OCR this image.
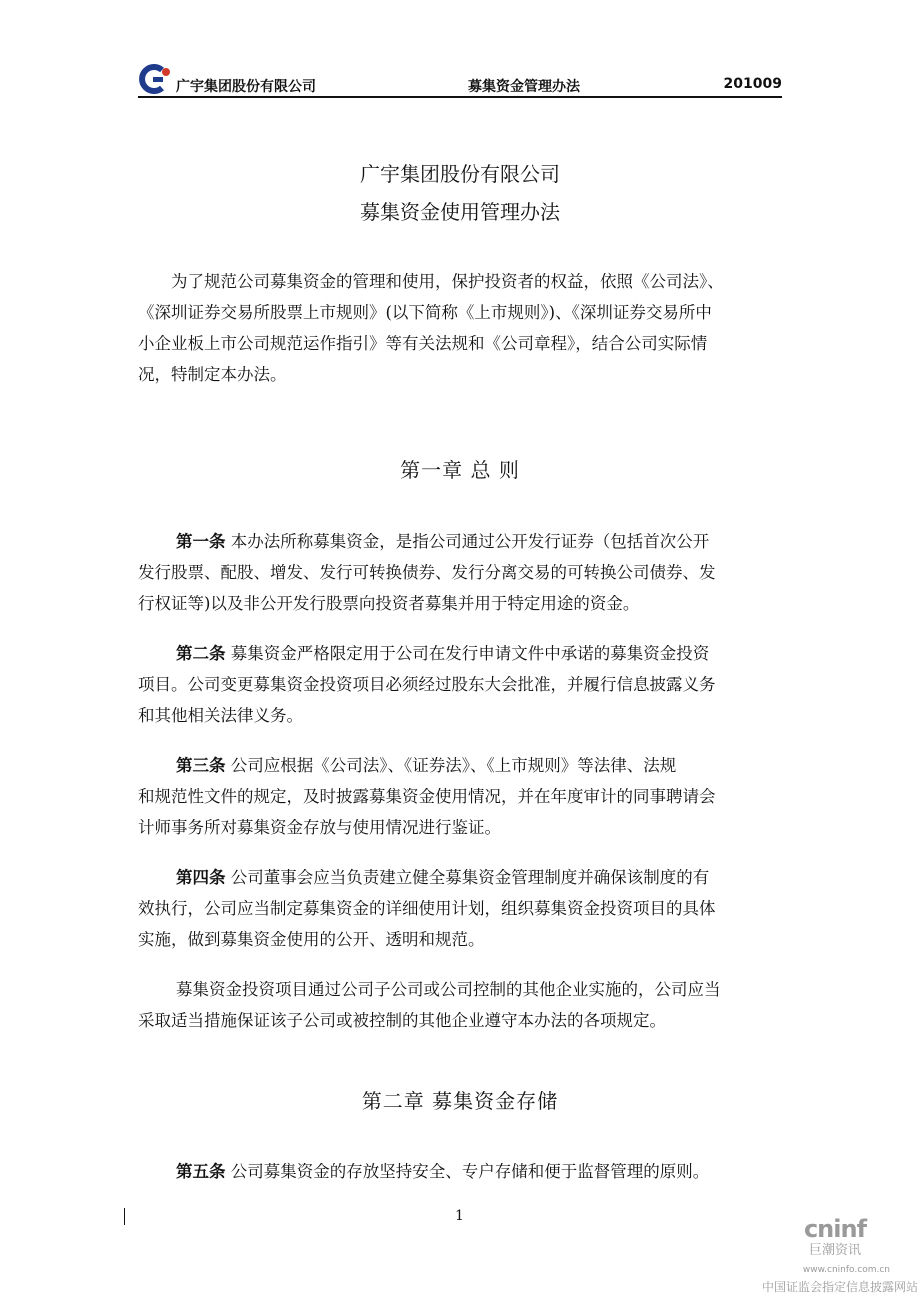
广宇集团股份有限公司	募集资金管理办法	201009
广宇集团股份有限公司
募集资金使用管理办法

为了规范公司募集资金的管理和使用，保护投资者的权益，依照《公司法》、
《深圳证券交易所股票上市规则》(以下简称《上市规则》)、《深圳证券交易所中
小企业板上市公司规范运作指引》等有关法规和《公司章程》，结合公司实际情
况，特制定本办法。

第一章 总 则

第一条 本办法所称募集资金，是指公司通过公开发行证券（包括首次公开
发行股票、配股、增发、发行可转换债券、发行分离交易的可转换公司债券、发
行权证等)以及非公开发行股票向投资者募集并用于特定用途的资金。

第二条 募集资金严格限定用于公司在发行申请文件中承诺的募集资金投资
项目。公司变更募集资金投资项目必须经过股东大会批准，并履行信息披露义务
和其他相关法律义务。

第三条 公司应根据《公司法》、《证券法》、《上市规则》等法律、法规
和规范性文件的规定，及时披露募集资金使用情况，并在年度审计的同事聘请会
计师事务所对募集资金存放与使用情况进行鉴证。

第四条 公司董事会应当负责建立健全募集资金管理制度并确保该制度的有
效执行，公司应当制定募集资金的详细使用计划，组织募集资金投资项目的具体
实施，做到募集资金使用的公开、透明和规范。

募集资金投资项目通过公司子公司或公司控制的其他企业实施的，公司应当
采取适当措施保证该子公司或被控制的其他企业遵守本办法的各项规定。

第二章 募集资金存储

第五条 公司募集资金的存放坚持安全、专户存储和便于监督管理的原则。

1	cninf
巨潮资讯
www.cninfo.com.cn
中国证监会指定信息披露网站
